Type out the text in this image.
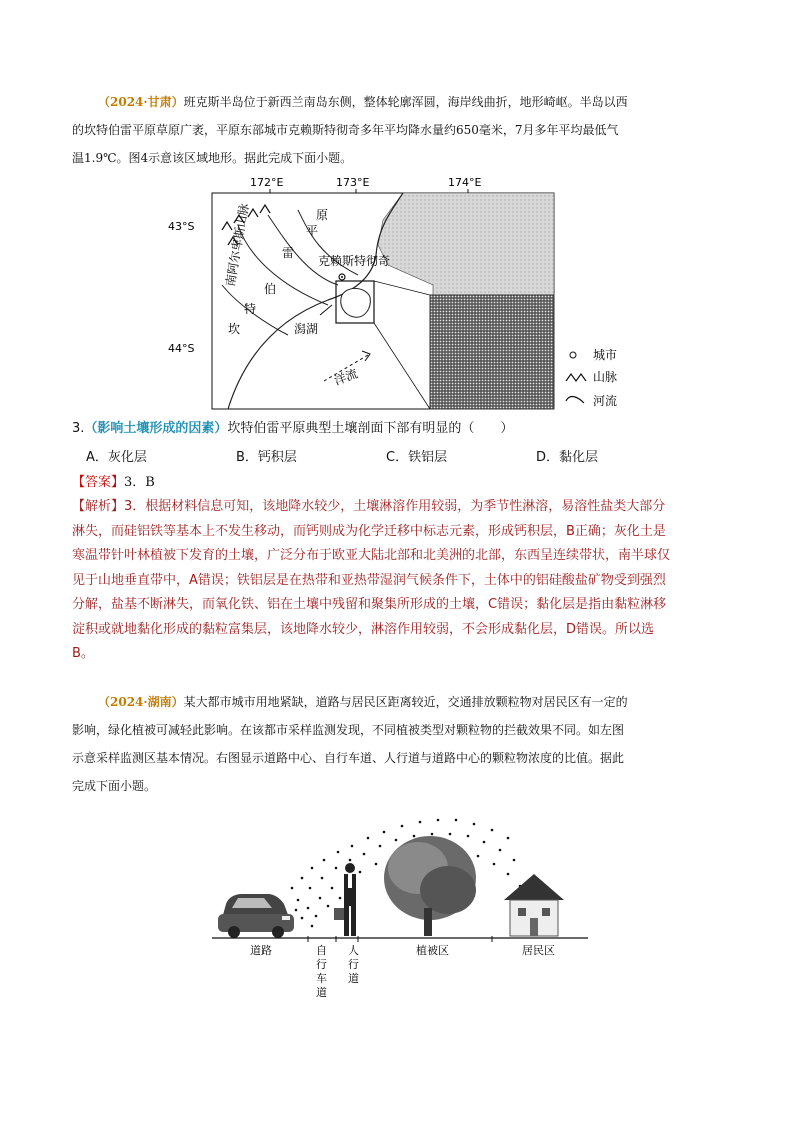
（2024·甘肃）班克斯半岛位于新西兰南岛东侧，整体轮廓浑圆，海岸线曲折，地形崎岖。半岛以西
的坎特伯雷平原草原广袤，平原东部城市克赖斯特彻奇多年平均降水量约650毫米，7月多年平均最低气
温1.9℃。图4示意该区域地形。据此完成下面小题。
172°E	173°E	174°E
43°S
44°S
南阿尔卑斯山脉	平
原
坎
特
伯
雷
克赖斯特彻奇
潟湖
洋流
城市
山脉
河流
3.（影响土壤形成的因素）坎特伯雷平原典型土壤剖面下部有明显的（　　）
A．灰化层	B．钙积层	C．铁铝层	D．黏化层
【答案】3．B
【解析】3．根据材料信息可知，该地降水较少，土壤淋溶作用较弱，为季节性淋溶，易溶性盐类大部分
淋失，而硅铝铁等基本上不发生移动，而钙则成为化学迁移中标志元素，形成钙积层，B正确；灰化土是
寒温带针叶林植被下发育的土壤，广泛分布于欧亚大陆北部和北美洲的北部，东西呈连续带状，南半球仅
见于山地垂直带中，A错误；铁铝层是在热带和亚热带湿润气候条件下，土体中的铝硅酸盐矿物受到强烈
分解，盐基不断淋失，而氧化铁、铝在土壤中残留和聚集所形成的土壤，C错误；黏化层是指由黏粒淋移
淀积或就地黏化形成的黏粒富集层，该地降水较少，淋溶作用较弱，不会形成黏化层，D错误。所以选
B。
（2024·湖南）某大都市城市用地紧缺，道路与居民区距离较近，交通排放颗粒物对居民区有一定的
影响，绿化植被可减轻此影响。在该都市采样监测发现，不同植被类型对颗粒物的拦截效果不同。如左图
示意采样监测区基本情况。右图显示道路中心、自行车道、人行道与道路中心的颗粒物浓度的比值。据此
完成下面小题。
道路	自
行
车
道
人
行
道
植被区	居民区
